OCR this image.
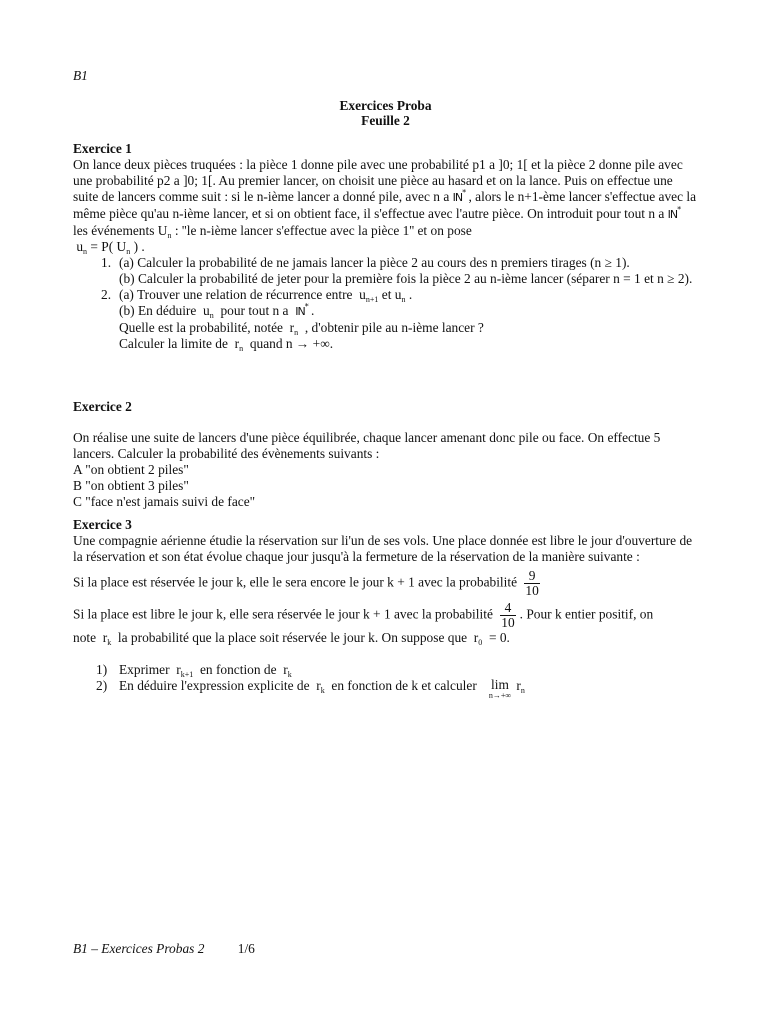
B1
Exercices Proba
Feuille 2
Exercice 1

On lance deux pièces truquées : la pièce 1 donne pile avec une probabilité p1 a ]0; 1[ et la pièce 2 donne pile avec une probabilité p2 a ]0; 1[. Au premier lancer, on choisit une pièce au hasard et on la lance. Puis on effectue une suite de lancers comme suit : si le n-ième lancer a donné pile, avec n a IN* , alors le n+1-ème lancer s'effectue avec la même pièce qu'au n-ième lancer, et si on obtient face, il s'effectue avec l'autre pièce. On introduit pour tout n a IN* les événements $U_n$ : ''le n-ième lancer s'effectue avec la pièce 1'' et on pose

$u_n = P$( $U_n$ ) .

1. (a) Calculer la probabilité de ne jamais lancer la pièce 2 au cours des n premiers tirages (n ≥ 1).
(b) Calculer la probabilité de jeter pour la première fois la pièce 2 au n-ième lancer (séparer n = 1 et n ≥ 2).
2. (a) Trouver une relation de récurrence entre  $u_{n+1}$ et $u_n$ .
(b) En déduire  $u_n$ pour tout n a IN* .
Quelle est la probabilité, notée  $r_n$ , d'obtenir pile au n-ième lancer ?
Calculer la limite de  $r_n$ quand n → +∞.
Exercice 2

On réalise une suite de lancers d'une pièce équilibrée, chaque lancer amenant donc pile ou face. On effectue 5 lancers. Calculer la probabilité des évènements suivants :

A "on obtient 2 piles"

B "on obtient 3 piles"

C "face n'est jamais suivi de face"

Exercice 3

Une compagnie aérienne étudie la réservation sur li'un de ses vols. Une place donnée est libre le jour d'ouverture de la réservation et son état évolue chaque jour jusqu'à la fermeture de la réservation de la manière suivante :

Si la place est réservée le jour k, elle le sera encore le jour k + 1 avec la probabilité $\frac{9}{10}$

Si la place est libre le jour k, elle sera réservée le jour k + 1 avec la probabilité $\frac{4}{10}$ . Pour k entier positif, on

note  $r_k$ la probabilité que la place soit réservée le jour k. On suppose que  $r_0 = 0$.

1) Exprimer  $r_{k+1}$ en fonction de  $r_k$
2) En déduire l'expression explicite de  $r_k$ en fonction de k et calculer lim
n→+∞
$r_n$
B1 – Exercices Probas 2 1/6
